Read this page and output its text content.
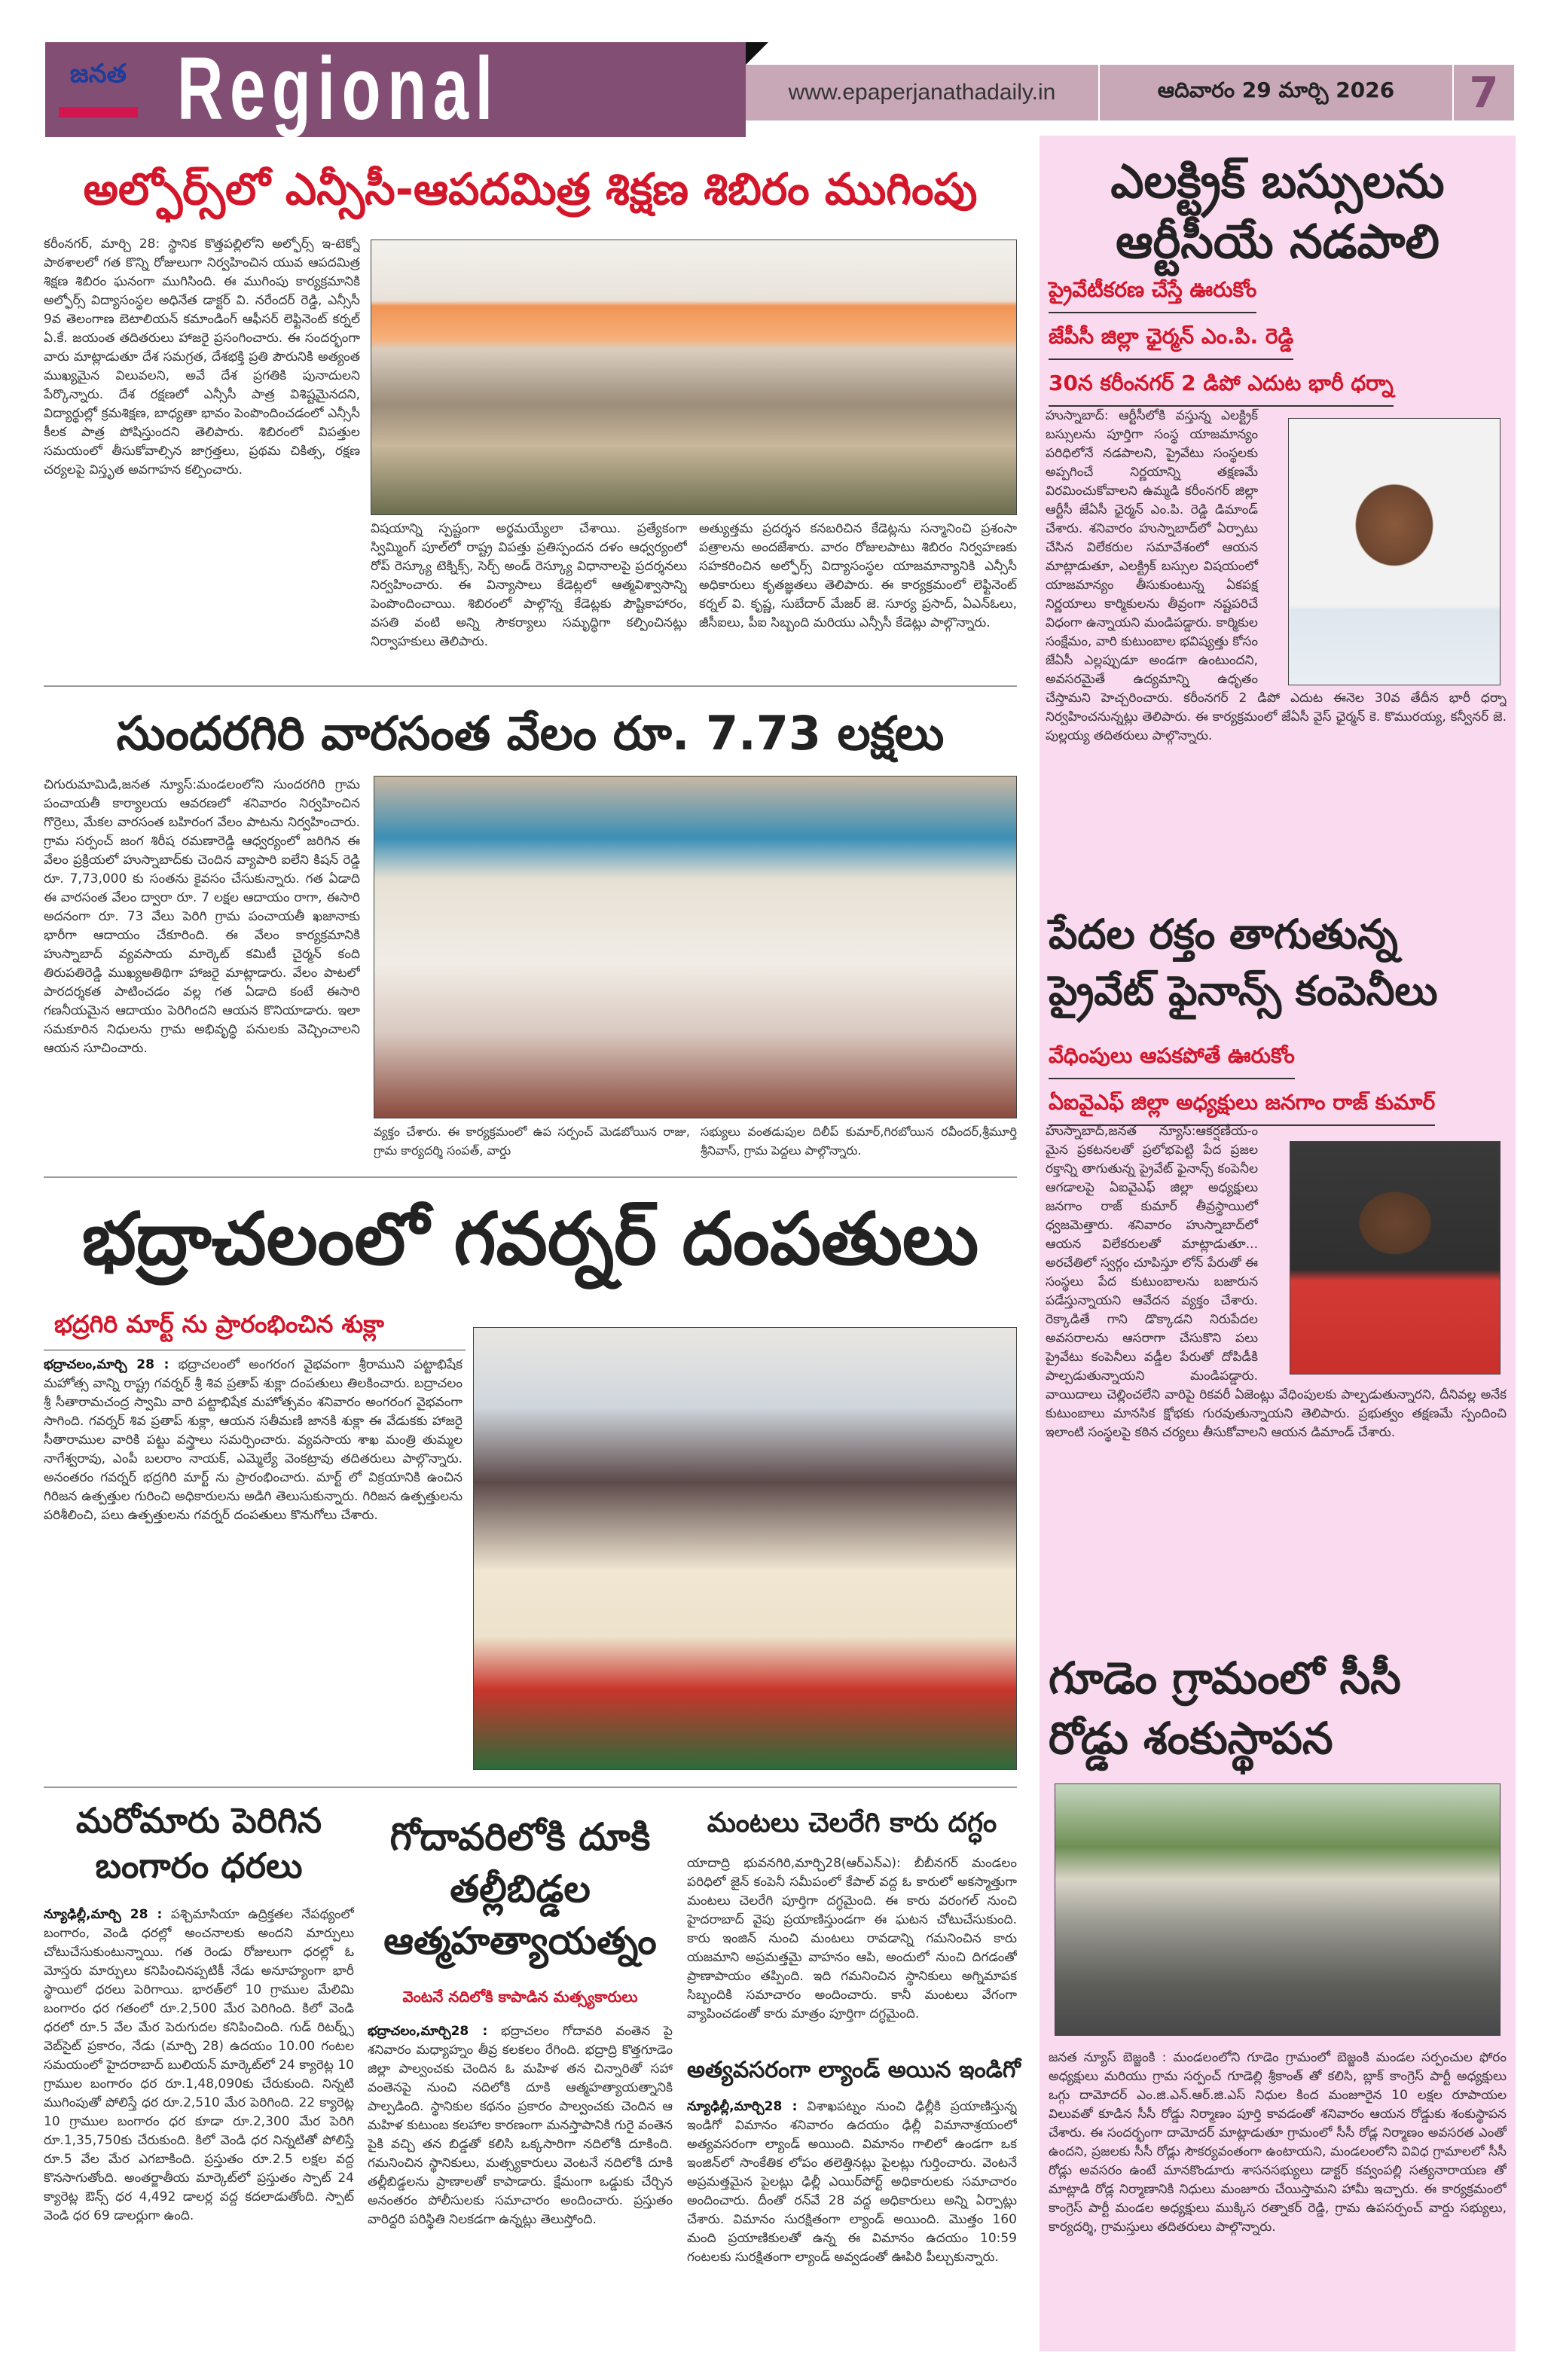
జనత Regional	www.epaperjanathadaily.in	ఆదివారం 29 మార్చి 2026	7
అల్ఫోర్స్‌లో ఎన్సీసీ-ఆపదమిత్ర శిక్షణ శిబిరం ముగింపు
కరీంనగర్, మార్చి 28: స్థానిక కొత్తపల్లిలోని అల్ఫోర్స్ ఇ-టెక్నో పాఠశాలలో గత కొన్ని రోజులుగా నిర్వహించిన యువ ఆపదమిత్ర శిక్షణ శిబిరం ఘనంగా ముగిసింది. ఈ ముగింపు కార్యక్రమానికి అల్ఫోర్స్ విద్యాసంస్థల అధినేత డాక్టర్ వి. నరేందర్ రెడ్డి, ఎన్సీసీ 9వ తెలంగాణ బెటాలియన్ కమాండింగ్ ఆఫీసర్ లెఫ్టినెంట్ కర్నల్ ఏ.కే. జయంత తదితరులు హాజరై ప్రసంగించారు. ఈ సందర్భంగా వారు మాట్లాడుతూ దేశ సమగ్రత, దేశభక్తి ప్రతి పౌరునికి అత్యంత ముఖ్యమైన విలువలని, అవే దేశ ప్రగతికి పునాదులని పేర్కొన్నారు. దేశ రక్షణలో ఎన్సీసీ పాత్ర విశిష్టమైనదని, విద్యార్థుల్లో క్రమశిక్షణ, బాధ్యతా భావం పెంపొందించడంలో ఎన్సీసీ కీలక పాత్ర పోషిస్తుందని తెలిపారు. శిబిరంలో విపత్తుల సమయంలో తీసుకోవాల్సిన జాగ్రత్తలు, ప్రథమ చికిత్స, రక్షణ చర్యలపై విస్తృత అవగాహన కల్పించారు.
విషయాన్ని స్పష్టంగా అర్థమయ్యేలా చేశాయి. ప్రత్యేకంగా స్విమ్మింగ్ పూల్‌లో రాష్ట్ర విపత్తు ప్రతిస్పందన దళం ఆధ్వర్యంలో రోప్ రెస్క్యూ టెక్నిక్స్, సెర్చ్ అండ్ రెస్క్యూ విధానాలపై ప్రదర్శనలు నిర్వహించారు. ఈ విన్యాసాలు కేడెట్లలో ఆత్మవిశ్వాసాన్ని పెంపొందించాయి. శిబిరంలో పాల్గొన్న కేడెట్లకు పౌష్టికాహారం, వసతి వంటి అన్ని సౌకర్యాలు సమృద్ధిగా కల్పించినట్లు నిర్వాహకులు తెలిపారు.
అత్యుత్తమ ప్రదర్శన కనబరిచిన కేడెట్లను సన్మానించి ప్రశంసా పత్రాలను అందజేశారు. వారం రోజులపాటు శిబిరం నిర్వహణకు సహకరించిన అల్ఫోర్స్ విద్యాసంస్థల యాజమాన్యానికి ఎన్సీసీ అధికారులు కృతజ్ఞతలు తెలిపారు. ఈ కార్యక్రమంలో లెఫ్టినెంట్ కర్నల్ వి. కృష్ణ, సుబేదార్ మేజర్ జె. సూర్య ప్రసాద్, ఏఎన్ఓలు, జీసీఐలు, పీఐ సిబ్బంది మరియు ఎన్సీసీ కేడెట్లు పాల్గొన్నారు.
సుందరగిరి వారసంత వేలం రూ. 7.73 లక్షలు
చిగురుమామిడి,జనత న్యూస్:మండలంలోని సుందరగిరి గ్రామ పంచాయతీ కార్యాలయ ఆవరణలో శనివారం నిర్వహించిన గొర్రెలు, మేకల వారసంత బహిరంగ వేలం పాటను నిర్వహించారు. గ్రామ సర్పంచ్ జంగ శిరీష రమణారెడ్డి ఆధ్వర్యంలో జరిగిన ఈ వేలం ప్రక్రియలో హుస్నాబాద్‌కు చెందిన వ్యాపారి ఐలేని కిషన్ రెడ్డి రూ. 7,73,000 కు సంతను కైవసం చేసుకున్నారు. గత ఏడాది ఈ వారసంత వేలం ద్వారా రూ. 7 లక్షల ఆదాయం రాగా, ఈసారి అదనంగా రూ. 73 వేలు పెరిగి గ్రామ పంచాయతీ ఖజానాకు భారీగా ఆదాయం చేకూరింది. ఈ వేలం కార్యక్రమానికి హుస్నాబాద్ వ్యవసాయ మార్కెట్ కమిటీ చైర్మన్ కంది తిరుపతిరెడ్డి ముఖ్యఅతిథిగా హాజరై మాట్లాడారు. వేలం పాటలో పారదర్శకత పాటించడం వల్ల గత ఏడాది కంటే ఈసారి గణనీయమైన ఆదాయం పెరిగిందని ఆయన కొనియాడారు. ఇలా సమకూరిన నిధులను గ్రామ అభివృద్ధి పనులకు వెచ్చించాలని ఆయన సూచించారు.
వ్యక్తం చేశారు. ఈ కార్యక్రమంలో ఉప సర్పంచ్ మెడబోయిన రాజు, గ్రామ కార్యదర్శి సంపత్, వార్డు
సభ్యులు వంతడుపుల దిలీప్ కుమార్,గిరబోయిన రవీందర్,శ్రీమూర్తి శ్రీనివాస్, గ్రామ పెద్దలు పాల్గొన్నారు.
భద్రాచలంలో గవర్నర్ దంపతులు
భద్రగిరి మార్ట్ ను ప్రారంభించిన శుక్లా
భద్రాచలం,మార్చి 28 : భద్రాచలంలో అంగరంగ వైభవంగా శ్రీరాముని పట్టాభిషేక మహోత్స వాన్ని రాష్ట్ర గవర్నర్ శ్రీ శివ ప్రతాప్ శుక్లా దంపతులు తిలకించారు. బద్రాచలం శ్రీ సీతారామచంద్ర స్వామి వారి పట్టాభిషేక మహోత్సవం శనివారం అంగరంగ వైభవంగా సాగింది. గవర్నర్ శివ ప్రతాప్ శుక్లా, ఆయన సతీమణి జానకి శుక్లా ఈ వేడుకకు హాజరై సీతారాముల వారికి పట్టు వస్త్రాలు సమర్పించారు. వ్యవసాయ శాఖ మంత్రి తుమ్మల నాగేశ్వరావు, ఎంపీ బలరాం నాయక్, ఎమ్మెల్యే వెంకట్రావు తదితరులు పాల్గొన్నారు. అనంతరం గవర్నర్ భద్రగిరి మార్ట్ ను ప్రారంభించారు. మార్ట్ లో విక్రయానికి ఉంచిన గిరిజన ఉత్పత్తుల గురించి అధికారులను అడిగి తెలుసుకున్నారు. గిరిజన ఉత్పత్తులను పరిశీలించి, పలు ఉత్పత్తులను గవర్నర్ దంపతులు కొనుగోలు చేశారు.
మరోమారు పెరిగిన బంగారం ధరలు
న్యూఢిల్లీ,మార్చి 28 : పశ్చిమాసియా ఉద్రిక్తతల నేపథ్యంలో బంగారం, వెండి ధరల్లో అంచనాలకు అందని మార్పులు చోటుచేసుకుంటున్నాయి. గత రెండు రోజులుగా ధరల్లో ఓ మోస్తరు మార్పులు కనిపించినప్పటికీ నేడు అనూహ్యంగా భారీ స్థాయిలో ధరలు పెరిగాయి. భారత్‌లో 10 గ్రాముల మేలిమి బంగారం ధర గతంలో రూ.2,500 మేర పెరిగింది. కిలో వెండి ధరలో రూ.5 వేల మేర పెరుగుదల కనిపించింది. గుడ్ రిటర్న్స్ వెబ్‌సైట్ ప్రకారం, నేడు (మార్చి 28) ఉదయం 10.00 గంటల సమయంలో హైదరాబాద్ బులియన్ మార్కెట్‌లో 24 క్యారెట్ల 10 గ్రాముల బంగారం ధర రూ.1,48,090కు చేరుకుంది. నిన్నటి ముగింపుతో పోలిస్తే ధర రూ.2,510 మేర పెరిగింది. 22 క్యారెట్ల 10 గ్రాముల బంగారం ధర కూడా రూ.2,300 మేర పెరిగి రూ.1,35,750కు చేరుకుంది. కిలో వెండి ధర నిన్నటితో పోలిస్తే రూ.5 వేల మేర ఎగబాకింది. ప్రస్తుతం రూ.2.5 లక్షల వద్ద కొనసాగుతోంది. అంతర్జాతీయ మార్కెట్‌లో ప్రస్తుతం స్పాట్ 24 క్యారెట్ల ఔన్స్ ధర 4,492 డాలర్ల వద్ద కదలాడుతోంది. స్పాట్ వెండి ధర 69 డాలర్లుగా ఉంది.
గోదావరిలోకి దూకి తల్లీబిడ్డల ఆత్మహత్యాయత్నం
వెంటనే నదిలోకి కాపాడిన మత్స్యకారులు
భద్రాచలం,మార్చి28 : భద్రాచలం గోదావరి వంతెన పై శనివారం మధ్యాహ్నం తీవ్ర కలకలం రేగింది. భద్రాద్రి కొత్తగూడెం జిల్లా పాల్వంచకు చెందిన ఓ మహిళ తన చిన్నారితో సహా వంతెనపై నుంచి నదిలోకి దూకి ఆత్మహత్యాయత్నానికి పాల్పడింది. స్థానికుల కథనం ప్రకారం పాల్వంచకు చెందిన ఆ మహిళ కుటుంబ కలహాల కారణంగా మనస్తాపానికి గురై వంతెన పైకి వచ్చి తన బిడ్డతో కలిసి ఒక్కసారిగా నదిలోకి దూకింది. గమనించిన స్థానికులు, మత్స్యకారులు వెంటనే నదిలోకి దూకి తల్లీబిడ్డలను ప్రాణాలతో కాపాడారు. క్షేమంగా ఒడ్డుకు చేర్చిన అనంతరం పోలీసులకు సమాచారం అందించారు. ప్రస్తుతం వారిద్దరి పరిస్థితి నిలకడగా ఉన్నట్లు తెలుస్తోంది.
మంటలు చెలరేగి కారు దగ్ధం
యాదాద్రి భువనగిరి,మార్చి28(ఆర్ఎన్ఎ): బీబీనగర్ మండలం పరిధిలో జైన్ కంపెనీ సమీపంలో కేపాల్ వద్ద ఓ కారులో అకస్మాత్తుగా మంటలు చెలరేగి పూర్తిగా దగ్ధమైంది. ఈ కారు వరంగల్ నుంచి హైదరాబాద్ వైపు ప్రయాణిస్తుండగా ఈ ఘటన చోటుచేసుకుంది. కారు ఇంజిన్ నుంచి మంటలు రావడాన్ని గమనించిన కారు యజమాని అప్రమత్తమై వాహనం ఆపి, అందులో నుంచి దిగడంతో ప్రాణాపాయం తప్పింది. ఇది గమనించిన స్థానికులు అగ్నిమాపక సిబ్బందికి సమాచారం అందించారు. కానీ మంటలు వేగంగా వ్యాపించడంతో కారు మాత్రం పూర్తిగా దగ్ధమైంది.
అత్యవసరంగా ల్యాండ్ అయిన ఇండిగో
న్యూఢిల్లీ,మార్చి28 : విశాఖపట్నం నుంచి ఢిల్లీకి ప్రయాణిస్తున్న ఇండిగో విమానం శనివారం ఉదయం ఢిల్లీ విమానాశ్రయంలో అత్యవసరంగా ల్యాండ్ అయింది. విమానం గాలిలో ఉండగా ఒక ఇంజిన్‌లో సాంకేతిక లోపం తలెత్తినట్లు పైలట్లు గుర్తించారు. వెంటనే అప్రమత్తమైన పైలట్లు ఢిల్లీ ఎయిర్‌పోర్ట్ అధికారులకు సమాచారం అందించారు. దీంతో రన్‌వే 28 వద్ద అధికారులు అన్ని ఏర్పాట్లు చేశారు. విమానం సురక్షితంగా ల్యాండ్ అయింది. మొత్తం 160 మంది ప్రయాణికులతో ఉన్న ఈ విమానం ఉదయం 10:59 గంటలకు సురక్షితంగా ల్యాండ్ అవ్వడంతో ఊపిరి పీల్చుకున్నారు.
ఎలక్ట్రిక్ బస్సులను
ఆర్టీసీయే నడపాలి
ప్రైవేటీకరణ చేస్తే ఊరుకోం
జేపీసీ జిల్లా ఛైర్మన్ ఎం.పి. రెడ్డి
30న కరీంనగర్ 2 డిపో ఎదుట భారీ ధర్నా
హుస్నాబాద్: ఆర్టీసీలోకి వస్తున్న ఎలక్ట్రిక్ బస్సులను పూర్తిగా సంస్థ యాజమాన్యం పరిధిలోనే నడపాలని, ప్రైవేటు సంస్థలకు అప్పగించే నిర్ణయాన్ని తక్షణమే విరమించుకోవాలని ఉమ్మడి కరీంనగర్ జిల్లా ఆర్టీసీ జేఏసీ ఛైర్మన్ ఎం.పి. రెడ్డి డిమాండ్ చేశారు. శనివారం హుస్నాబాద్‌లో ఏర్పాటు చేసిన విలేకరుల సమావేశంలో ఆయన మాట్లాడుతూ, ఎలక్ట్రిక్ బస్సుల విషయంలో యాజమాన్యం తీసుకుంటున్న ఏకపక్ష నిర్ణయాలు కార్మికులను తీవ్రంగా నష్టపరిచే విధంగా ఉన్నాయని మండిపడ్డారు. కార్మికుల సంక్షేమం, వారి కుటుంబాల భవిష్యత్తు కోసం జేఏసీ ఎల్లప్పుడూ అండగా ఉంటుందని, అవసరమైతే ఉద్యమాన్ని ఉధృతం చేస్తామని హెచ్చరించారు. కరీంనగర్ 2 డిపో ఎదుట ఈనెల 30వ తేదీన భారీ ధర్నా నిర్వహించనున్నట్లు తెలిపారు. ఈ కార్యక్రమంలో జేఏసీ వైస్ ఛైర్మన్ కె. కొమురయ్య, కన్వీనర్ జె. పుల్లయ్య తదితరులు పాల్గొన్నారు.
పేదల రక్తం తాగుతున్న
ప్రైవేట్ ఫైనాన్స్ కంపెనీలు
వేధింపులు ఆపకపోతే ఊరుకోం
ఏఐవైఎఫ్ జిల్లా అధ్యక్షులు జనగాం రాజ్ కుమార్
హుస్నాబాద్,జనత న్యూస్:ఆకర్షణీయ-ంమైన ప్రకటనలతో ప్రలోభపెట్టి పేద ప్రజల రక్తాన్ని తాగుతున్న ప్రైవేట్ ఫైనాన్స్ కంపెనీల ఆగడాలపై ఏఐవైఎఫ్ జిల్లా అధ్యక్షులు జనగాం రాజ్ కుమార్ తీవ్రస్థాయిలో ధ్వజమెత్తారు. శనివారం హుస్నాబాద్‌లో ఆయన విలేకరులతో మాట్లాడుతూ... అరచేతిలో స్వర్గం చూపిస్తూ లోన్ పేరుతో ఈ సంస్థలు పేద కుటుంబాలను బజారున పడేస్తున్నాయని ఆవేదన వ్యక్తం చేశారు. రెక్కాడితే గాని డొక్కాడని నిరుపేదల అవసరాలను ఆసరాగా చేసుకొని పలు ప్రైవేటు కంపెనీలు వడ్డీల పేరుతో దోపిడీకి పాల్పడుతున్నాయని మండిపడ్డారు. వాయిదాలు చెల్లించలేని వారిపై రికవరీ ఏజెంట్లు వేధింపులకు పాల్పడుతున్నారని, దీనివల్ల అనేక కుటుంబాలు మానసిక క్షోభకు గురవుతున్నాయని తెలిపారు. ప్రభుత్వం తక్షణమే స్పందించి ఇలాంటి సంస్థలపై కఠిన చర్యలు తీసుకోవాలని ఆయన డిమాండ్ చేశారు.
గూడెం గ్రామంలో సీసీ
రోడ్డు శంకుస్థాపన
జనత న్యూస్ బెజ్జంకి : మండలంలోని గూడెం గ్రామంలో బెజ్జంకి మండల సర్పంచుల ఫోరం అధ్యక్షులు మరియు గ్రామ సర్పంచ్ గూడెల్లి శ్రీకాంత్ తో కలిసి, బ్లాక్ కాంగ్రెస్ పార్టీ అధ్యక్షులు ఒగ్గు దామోదర్ ఎం.జి.ఎన్.ఆర్.జి.ఎస్ నిధుల కింద మంజూరైన 10 లక్షల రూపాయల విలువతో కూడిన సీసీ రోడ్డు నిర్మాణం పూర్తి కావడంతో శనివారం ఆయన రోడ్డుకు శంకుస్థాపన చేశారు. ఈ సందర్భంగా దామోదర్ మాట్లాడుతూ గ్రామంలో సీసీ రోడ్ల నిర్మాణం అవసరత ఎంతో ఉందని, ప్రజలకు సీసీ రోడ్లు సౌకర్యవంతంగా ఉంటాయని, మండలంలోని వివిధ గ్రామాలలో సీసీ రోడ్లు అవసరం ఉంటే మానకొండూరు శాసనసభ్యులు డాక్టర్ కవ్వంపల్లి సత్యనారాయణ తో మాట్లాడి రోడ్ల నిర్మాణానికి నిధులు మంజూరు చేయిస్తామని హామీ ఇచ్చారు. ఈ కార్యక్రమంలో కాంగ్రెస్ పార్టీ మండల అధ్యక్షులు ముక్కిస రత్నాకర్ రెడ్డి, గ్రామ ఉపసర్పంచ్ వార్డు సభ్యులు, కార్యదర్శి, గ్రామస్తులు తదితరులు పాల్గొన్నారు.
